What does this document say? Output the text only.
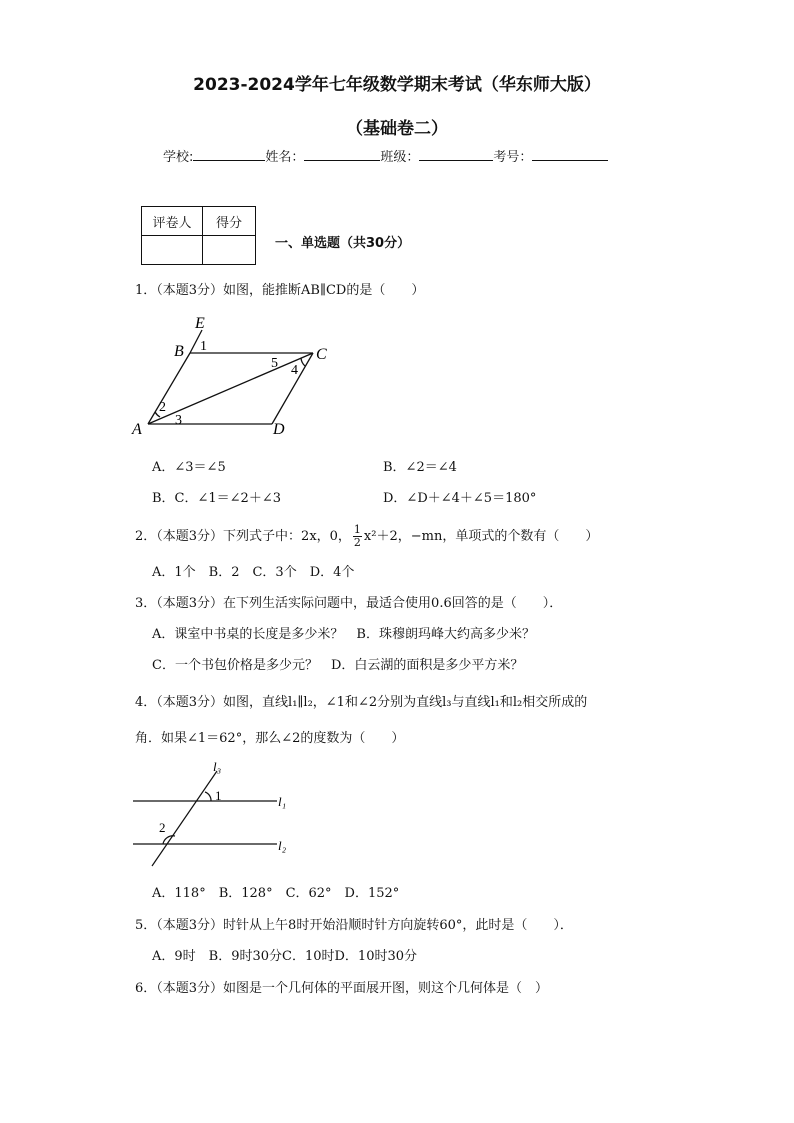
2023-2024学年七年级数学期末考试（华东师大版）
（基础卷二）
学校:	姓名：	班级：	考号：
评卷人	得分

一、单选题（共30分）
1．（本题3分）如图，能推断AB∥CD的是（　　）
E
B	C
A	D
1
2
3
4
5
A．∠3＝∠5	B．∠2＝∠4
B．C．∠1＝∠2＋∠3	D．∠D＋∠4＋∠5＝180°
2．（本题3分）下列式子中：2x，0， $\frac{1}{2} x^2+2$，−mn，单项式的个数有（　　）
A．1个　B．2　C．3个　D．4个
3．（本题3分）在下列生活实际问题中，最适合使用0.6回答的是（　　）．
A．课室中书桌的长度是多少米？　B．珠穆朗玛峰大约高多少米？
C．一个书包价格是多少元？　D．白云湖的面积是多少平方米？
4．（本题3分）如图，直线l₁∥l₂，∠1和∠2分别为直线l₃与直线l₁和l₂相交所成的
角．如果∠1＝62°，那么∠2的度数为（　　）
l₃
l₁
l₂
1
2
A．118°　B．128°　C．62°　D．152°
5．（本题3分）时针从上午8时开始沿顺时针方向旋转60°，此时是（　　）．
A．9时　B．9时30分C．10时D．10时30分
6．（本题3分）如图是一个几何体的平面展开图，则这个几何体是（　）
